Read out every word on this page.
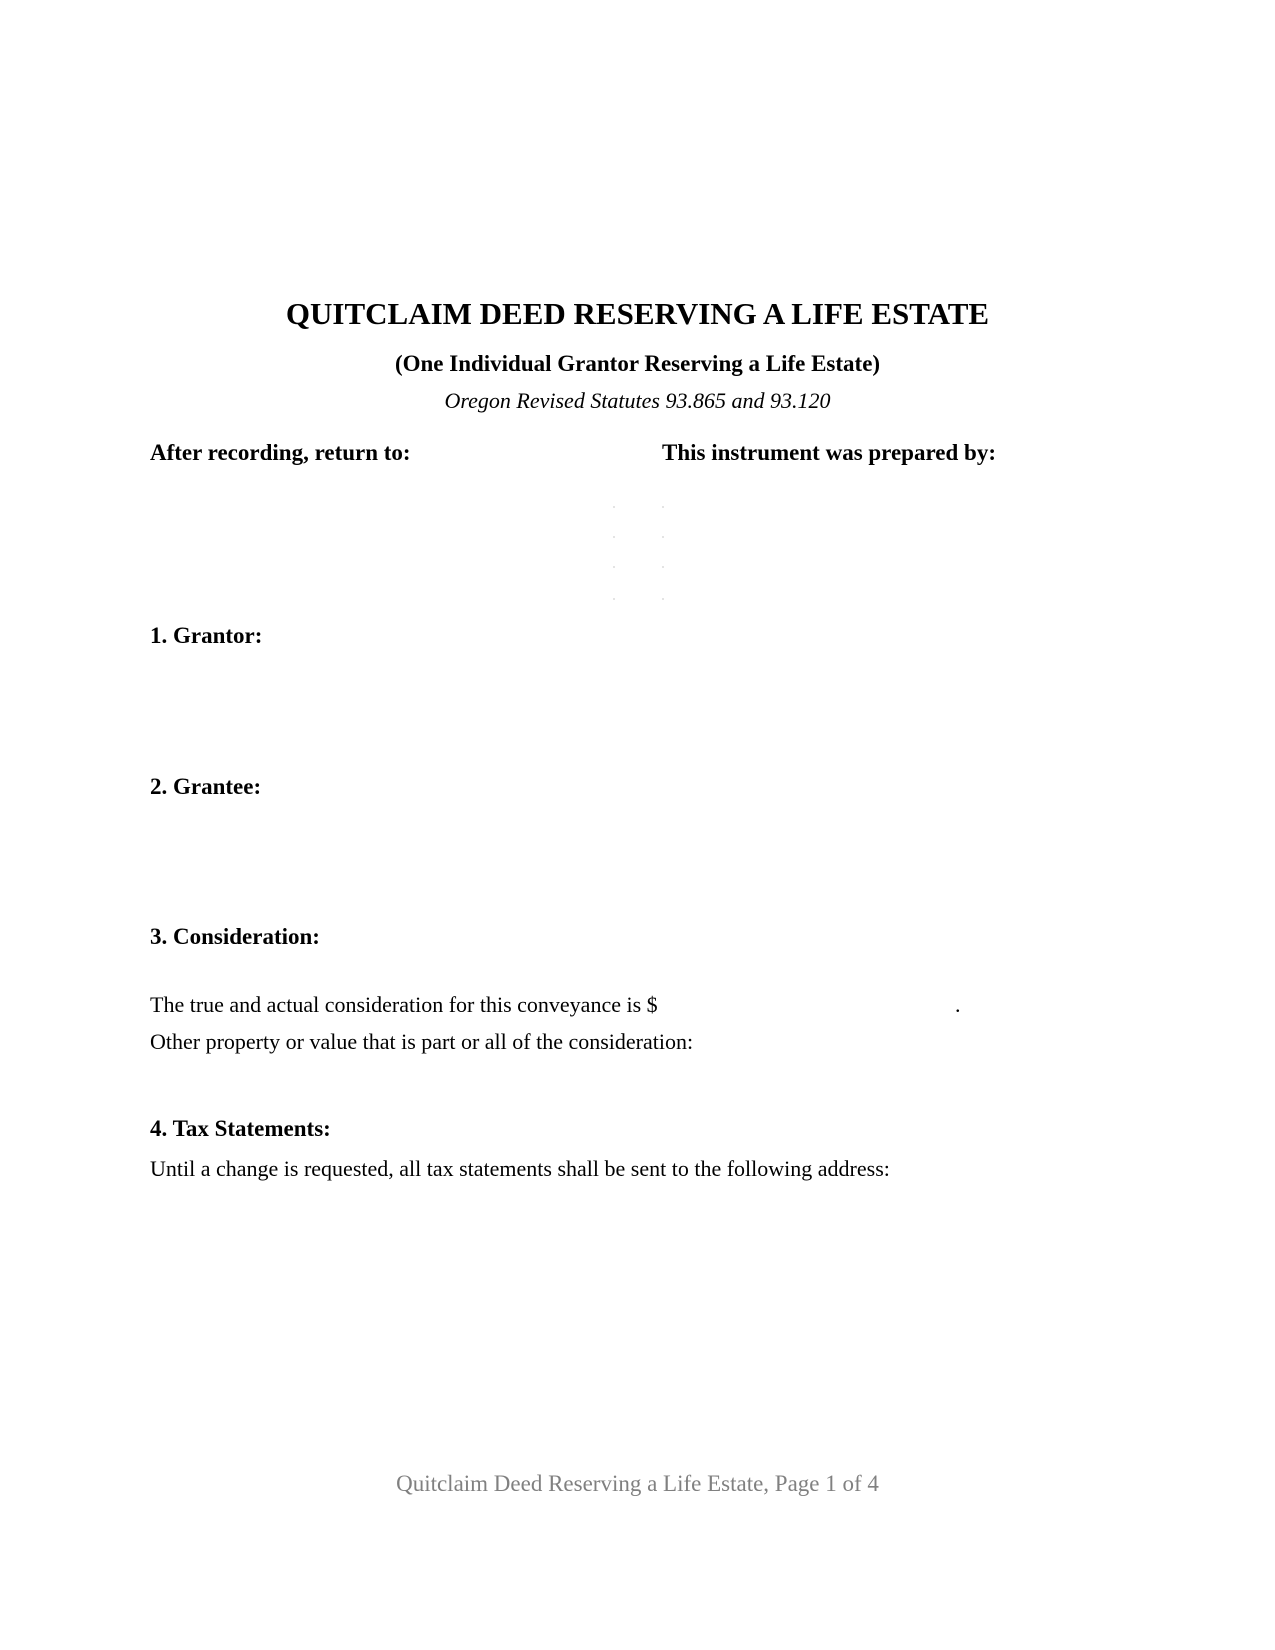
QUITCLAIM DEED RESERVING A LIFE ESTATE
(One Individual Grantor Reserving a Life Estate)
Oregon Revised Statutes 93.865 and 93.120
After recording, return to:	This instrument was prepared by:
1. Grantor:
2. Grantee:
3. Consideration:
The true and actual consideration for this conveyance is $	.
Other property or value that is part or all of the consideration:
4. Tax Statements:
Until a change is requested, all tax statements shall be sent to the following address:
Quitclaim Deed Reserving a Life Estate, Page 1 of 4
